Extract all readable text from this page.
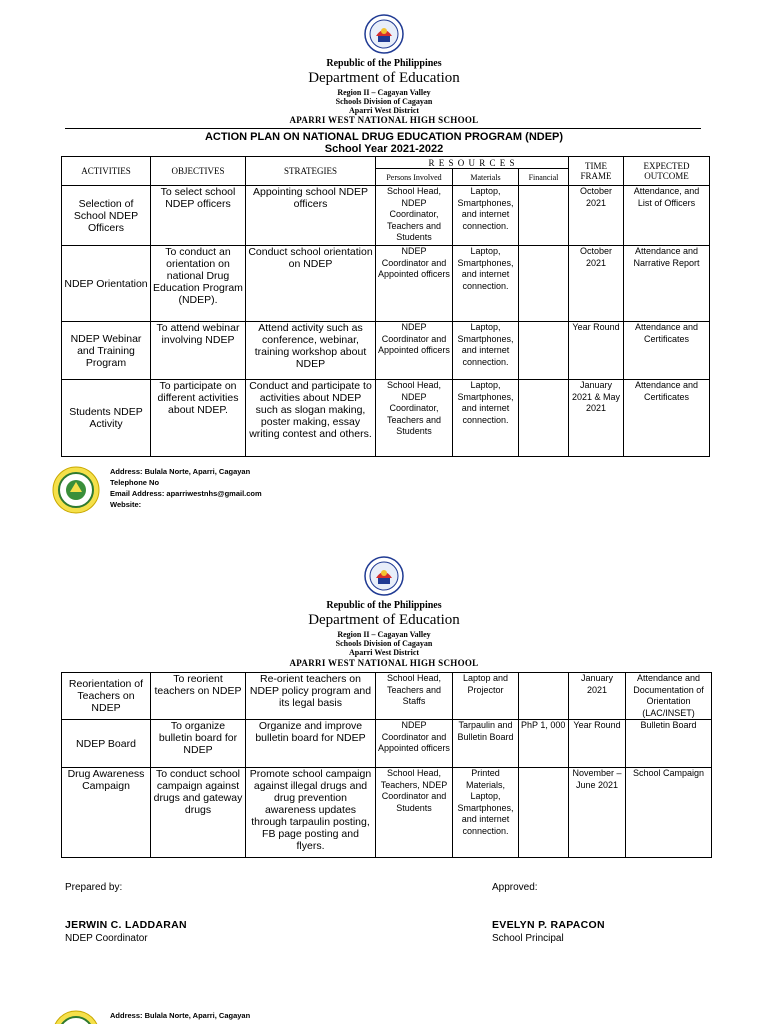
Republic of the Philippines
Department of Education
Region II – Cagayan Valley
Schools Division of Cagayan
Aparri West District
APARRI WEST NATIONAL HIGH SCHOOL
ACTION PLAN ON NATIONAL DRUG EDUCATION PROGRAM (NDEP)
School Year 2021-2022
ACTIVITIES	OBJECTIVES	STRATEGIES	R E S O U R C E S			TIME FRAME	EXPECTED OUTCOME
			Persons Involved	Materials	Financial		
Selection of School NDEP Officers	To select school NDEP officers	Appointing school NDEP officers	School Head, NDEP Coordinator, Teachers and Students	Laptop, Smartphones, and internet connection.		October 2021	Attendance, and List of Officers
NDEP Orientation	To conduct an orientation on national Drug Education Program (NDEP).	Conduct school orientation on NDEP	NDEP Coordinator and Appointed officers	Laptop, Smartphones, and internet connection.		October 2021	Attendance and Narrative Report
NDEP Webinar and Training Program	To attend webinar involving NDEP	Attend activity such as conference, webinar, training workshop about NDEP	NDEP Coordinator and Appointed officers	Laptop, Smartphones, and internet connection.		Year Round	Attendance and Certificates
Students NDEP Activity	To participate on different activities about NDEP.	Conduct and participate to activities about NDEP such as slogan making, poster making, essay writing contest and others.	School Head, NDEP Coordinator, Teachers and Students	Laptop, Smartphones, and internet connection.		January 2021 & May 2021	Attendance and Certificates
Address: Bulala Norte, Aparri, Cagayan
Telephone No
Email Address: aparriwestnhs@gmail.com
Website:
Republic of the Philippines
Department of Education
Region II – Cagayan Valley
Schools Division of Cagayan
Aparri West District
APARRI WEST NATIONAL HIGH SCHOOL
Reorientation of Teachers on NDEP	To reorient teachers on NDEP	Re-orient teachers on NDEP policy program and its legal basis	School Head, Teachers and Staffs	Laptop and Projector		January 2021	Attendance and Documentation of Orientation (LAC/INSET)
NDEP Board	To organize bulletin board for NDEP	Organize and improve bulletin board for NDEP	NDEP Coordinator and Appointed officers	Tarpaulin and Bulletin Board	PhP 1, 000	Year Round	Bulletin Board
Drug Awareness Campaign	To conduct school campaign against drugs and gateway drugs	Promote school campaign against illegal drugs and drug prevention awareness updates through tarpaulin posting, FB page posting and flyers.	School Head, Teachers, NDEP Coordinator and Students	Printed Materials, Laptop, Smartphones, and internet connection.		November – June 2021	School Campaign
Prepared by:
JERWIN C. LADDARAN
NDEP Coordinator
Approved:
EVELYN P. RAPACON
School Principal
Address: Bulala Norte, Aparri, Cagayan
